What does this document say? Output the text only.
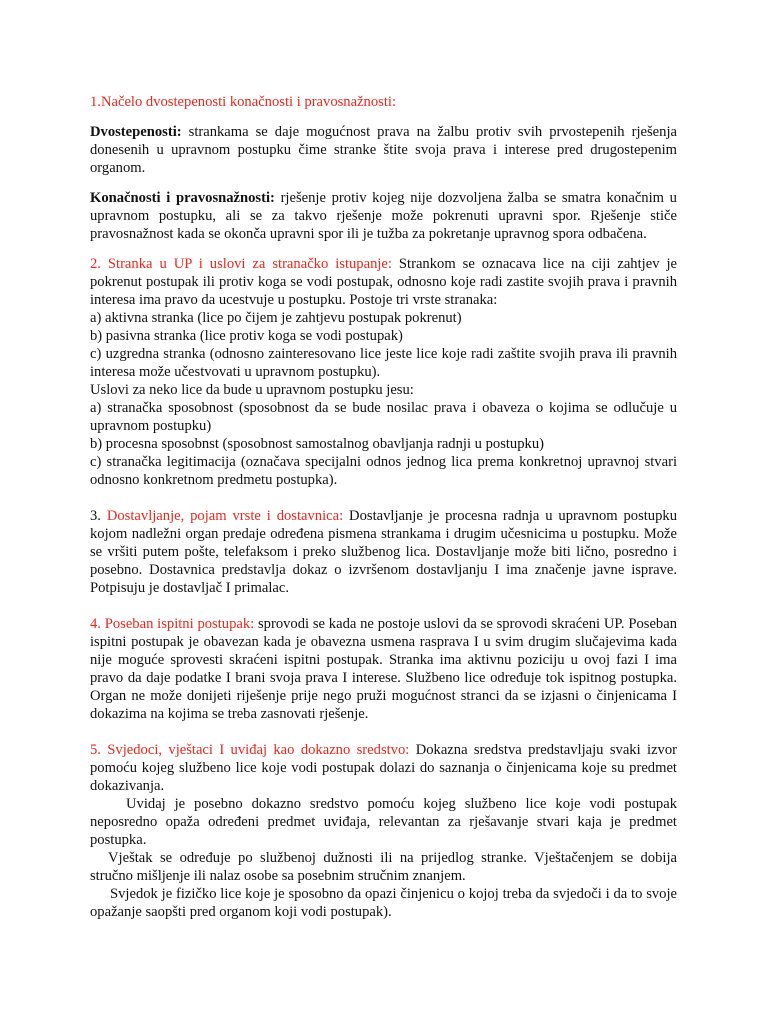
1.Načelo dvostepenosti konačnosti i pravosnažnosti:

Dvostepenosti: strankama se daje mogućnost prava na žalbu protiv svih prvostepenih rješenja donesenih u upravnom postupku čime stranke štite svoja prava i interese pred drugostepenim organom.

Konačnosti i pravosnažnosti: rješenje protiv kojeg nije dozvoljena žalba se smatra konačnim u upravnom postupku, ali se za takvo rješenje može pokrenuti upravni spor. Rješenje stiče pravosnažnost kada se okonča upravni spor ili je tužba za pokretanje upravnog spora odbačena.

2. Stranka u UP i uslovi za stranačko istupanje: Strankom se oznacava lice na ciji zahtjev je pokrenut postupak ili protiv koga se vodi postupak, odnosno koje radi zastite svojih prava i pravnih interesa ima pravo da ucestvuje u postupku. Postoje tri vrste stranaka:

a) aktivna stranka (lice po čijem je zahtjevu postupak pokrenut)

b) pasivna stranka (lice protiv koga se vodi postupak)

c) uzgredna stranka (odnosno zainteresovano lice jeste lice koje radi zaštite svojih prava ili pravnih interesa može učestvovati u upravnom postupku).

Uslovi za neko lice da bude u upravnom postupku jesu:

a) stranačka sposobnost (sposobnost da se bude nosilac prava i obaveza o kojima se odlučuje u upravnom postupku)

b) procesna sposobnst (sposobnost samostalnog obavljanja radnji u postupku)

c) stranačka legitimacija (označava specijalni odnos jednog lica prema konkretnoj upravnoj stvari odnosno konkretnom predmetu postupka).

3. Dostavljanje, pojam vrste i dostavnica: Dostavljanje je procesna radnja u upravnom postupku kojom nadležni organ predaje određena pismena strankama i drugim učesnicima u postupku. Može se vršiti putem pošte, telefaksom i preko službenog lica. Dostavljanje može biti lično, posredno i posebno. Dostavnica predstavlja dokaz o izvršenom dostavljanju I ima značenje javne isprave. Potpisuju je dostavljač I primalac.

4. Poseban ispitni postupak: sprovodi se kada ne postoje uslovi da se sprovodi skraćeni UP. Poseban ispitni postupak je obavezan kada je obavezna usmena rasprava I u svim drugim slučajevima kada nije moguće sprovesti skraćeni ispitni postupak. Stranka ima aktivnu poziciju u ovoj fazi I ima pravo da daje podatke I brani svoja prava I interese. Službeno lice određuje tok ispitnog postupka. Organ ne može donijeti riješenje prije nego pruži mogućnost stranci da se izjasni o činjenicama I dokazima na kojima se treba zasnovati rješenje.

5. Svjedoci, vještaci I uviđaj kao dokazno sredstvo: Dokazna sredstva predstavljaju svaki izvor pomoću kojeg službeno lice koje vodi postupak dolazi do saznanja o činjenicama koje su predmet dokazivanja.

Uvidaj je posebno dokazno sredstvo pomoću kojeg službeno lice koje vodi postupak neposredno opaža određeni predmet uviđaja, relevantan za rješavanje stvari kaja je predmet postupka.

Vještak se određuje po službenoj dužnosti ili na prijedlog stranke. Vještačenjem se dobija stručno mišljenje ili nalaz osobe sa posebnim stručnim znanjem.

Svjedok je fizičko lice koje je sposobno da opazi činjenicu o kojoj treba da svjedoči i da to svoje opažanje saopšti pred organom koji vodi postupak).
